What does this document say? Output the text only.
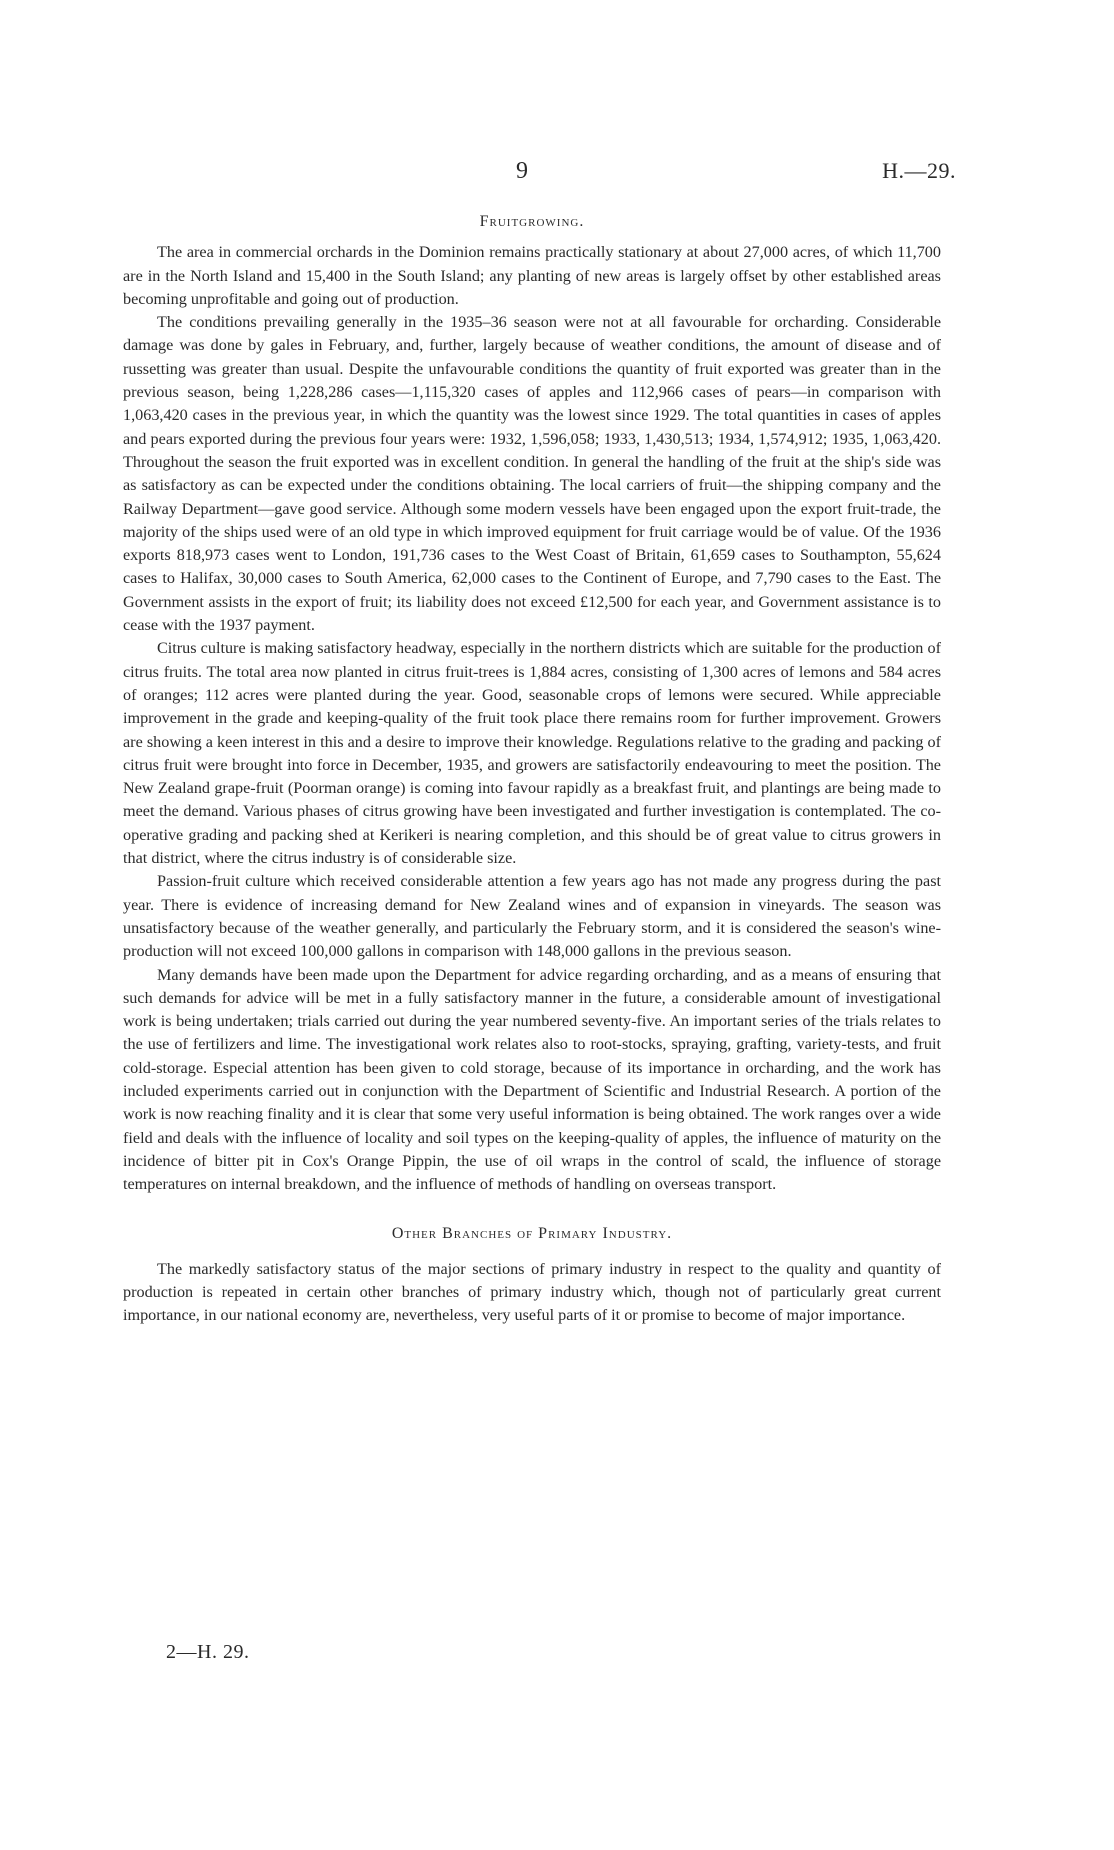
9	H.—29.
Fruitgrowing.

The area in commercial orchards in the Dominion remains practically stationary at about 27,000 acres, of which 11,700 are in the North Island and 15,400 in the South Island; any planting of new areas is largely offset by other established areas becoming unprofitable and going out of production.

The conditions prevailing generally in the 1935–36 season were not at all favourable for orcharding. Considerable damage was done by gales in February, and, further, largely because of weather conditions, the amount of disease and of russetting was greater than usual. Despite the unfavourable conditions the quantity of fruit exported was greater than in the previous season, being 1,228,286 cases—1,115,320 cases of apples and 112,966 cases of pears—in comparison with 1,063,420 cases in the previous year, in which the quantity was the lowest since 1929. The total quantities in cases of apples and pears exported during the previous four years were: 1932, 1,596,058; 1933, 1,430,513; 1934, 1,574,912; 1935, 1,063,420. Throughout the season the fruit exported was in excellent condition. In general the handling of the fruit at the ship's side was as satisfactory as can be expected under the conditions obtaining. The local carriers of fruit—the shipping company and the Railway Department—gave good service. Although some modern vessels have been engaged upon the export fruit-trade, the majority of the ships used were of an old type in which improved equipment for fruit carriage would be of value. Of the 1936 exports 818,973 cases went to London, 191,736 cases to the West Coast of Britain, 61,659 cases to Southampton, 55,624 cases to Halifax, 30,000 cases to South America, 62,000 cases to the Continent of Europe, and 7,790 cases to the East. The Government assists in the export of fruit; its liability does not exceed £12,500 for each year, and Government assistance is to cease with the 1937 payment.

Citrus culture is making satisfactory headway, especially in the northern districts which are suitable for the production of citrus fruits. The total area now planted in citrus fruit-trees is 1,884 acres, consisting of 1,300 acres of lemons and 584 acres of oranges; 112 acres were planted during the year. Good, seasonable crops of lemons were secured. While appreciable improvement in the grade and keeping-quality of the fruit took place there remains room for further improvement. Growers are showing a keen interest in this and a desire to improve their knowledge. Regulations relative to the grading and packing of citrus fruit were brought into force in December, 1935, and growers are satisfactorily endeavouring to meet the position. The New Zealand grape-fruit (Poorman orange) is coming into favour rapidly as a breakfast fruit, and plantings are being made to meet the demand. Various phases of citrus growing have been investigated and further investigation is contemplated. The co-operative grading and packing shed at Kerikeri is nearing completion, and this should be of great value to citrus growers in that district, where the citrus industry is of considerable size.

Passion-fruit culture which received considerable attention a few years ago has not made any progress during the past year. There is evidence of increasing demand for New Zealand wines and of expansion in vineyards. The season was unsatisfactory because of the weather generally, and particularly the February storm, and it is considered the season's wine-production will not exceed 100,000 gallons in comparison with 148,000 gallons in the previous season.

Many demands have been made upon the Department for advice regarding orcharding, and as a means of ensuring that such demands for advice will be met in a fully satisfactory manner in the future, a considerable amount of investigational work is being undertaken; trials carried out during the year numbered seventy-five. An important series of the trials relates to the use of fertilizers and lime. The investigational work relates also to root-stocks, spraying, grafting, variety-tests, and fruit cold-storage. Especial attention has been given to cold storage, because of its importance in orcharding, and the work has included experiments carried out in conjunction with the Department of Scientific and Industrial Research. A portion of the work is now reaching finality and it is clear that some very useful information is being obtained. The work ranges over a wide field and deals with the influence of locality and soil types on the keeping-quality of apples, the influence of maturity on the incidence of bitter pit in Cox's Orange Pippin, the use of oil wraps in the control of scald, the influence of storage temperatures on internal breakdown, and the influence of methods of handling on overseas transport.

Other Branches of Primary Industry.

The markedly satisfactory status of the major sections of primary industry in respect to the quality and quantity of production is repeated in certain other branches of primary industry which, though not of particularly great current importance, in our national economy are, nevertheless, very useful parts of it or promise to become of major importance.

2—H. 29.
